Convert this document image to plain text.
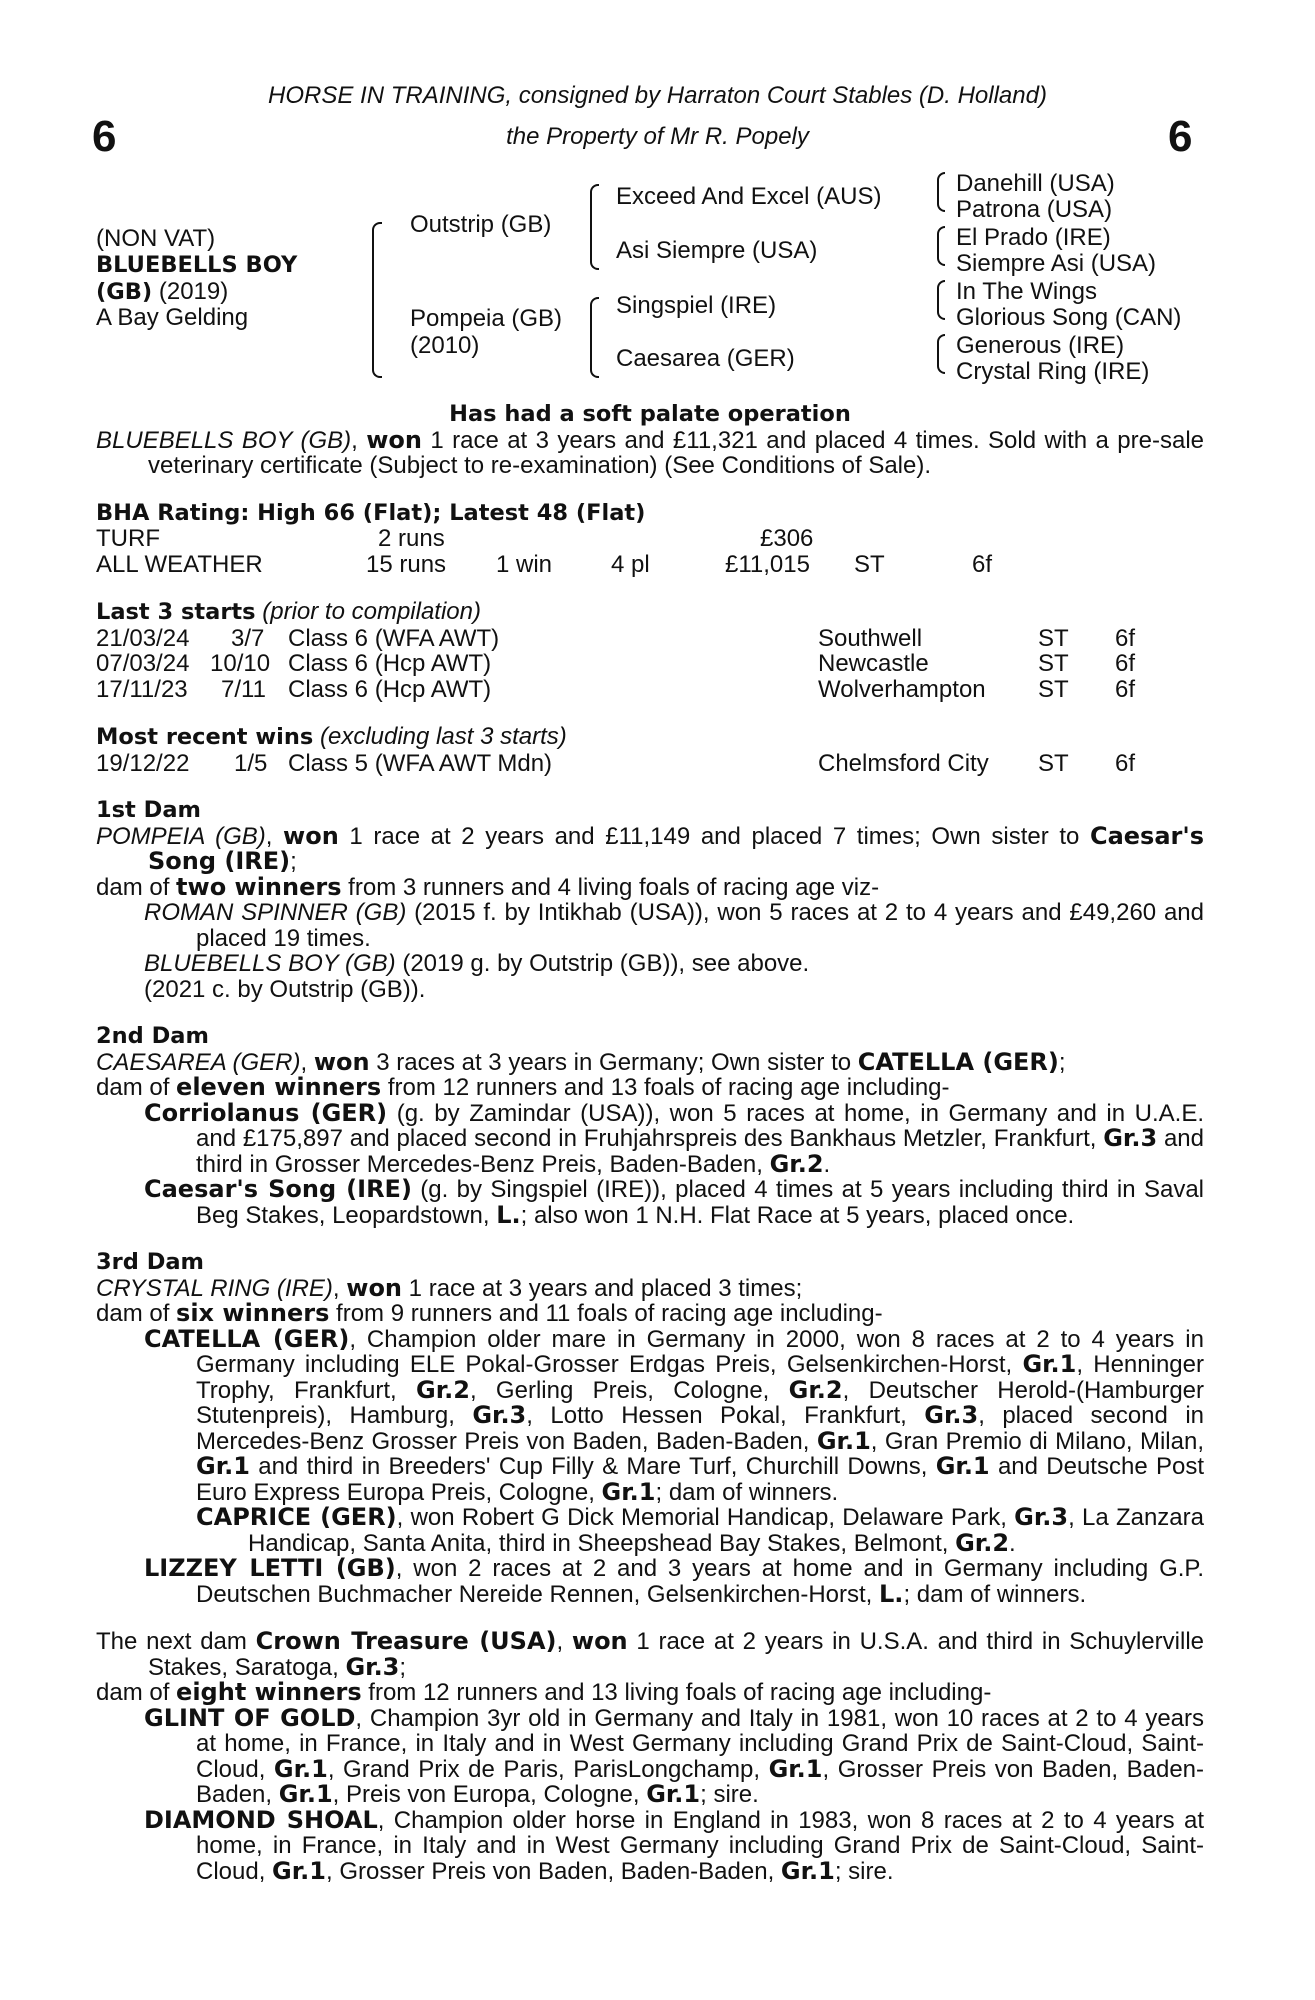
6	6
HORSE IN TRAINING, consigned by Harraton Court Stables (D. Holland)
the Property of Mr R. Popely
(NON VAT)
BLUEBELLS BOY
(GB) (2019)
A Bay Gelding
Outstrip (GB)
Pompeia (GB)
(2010)
Exceed And Excel (AUS)
Asi Siempre (USA)
Singspiel (IRE)
Caesarea (GER)
Danehill (USA)
Patrona (USA)
El Prado (IRE)
Siempre Asi (USA)
In The Wings
Glorious Song (CAN)
Generous (IRE)
Crystal Ring (IRE)

Has had a soft palate operation

BLUEBELLS BOY (GB), won 1 race at 3 years and £11,321 and placed 4 times. Sold with a pre-sale veterinary certificate (Subject to re-examination) (See Conditions of Sale).

BHA Rating: High 66 (Flat); Latest 48 (Flat)

TURF	2 runs	£306
ALL WEATHER	15 runs 1 win 4 pl	£11,015 ST	6f

Last 3 starts (prior to compilation)

21/03/24 3/7 Class 6 (WFA AWT)	Southwell	ST 6f
07/03/24 10/10 Class 6 (Hcp AWT)	Newcastle	ST 6f
17/11/23 7/11 Class 6 (Hcp AWT)	Wolverhampton ST 6f

Most recent wins (excluding last 3 starts)

19/12/22 1/5 Class 5 (WFA AWT Mdn)	Chelmsford City ST 6f

1st Dam

POMPEIA (GB), won 1 race at 2 years and £11,149 and placed 7 times; Own sister to Caesar's Song (IRE);

dam of two winners from 3 runners and 4 living foals of racing age viz-

ROMAN SPINNER (GB) (2015 f. by Intikhab (USA)), won 5 races at 2 to 4 years and £49,260 and placed 19 times.

BLUEBELLS BOY (GB) (2019 g. by Outstrip (GB)), see above.

(2021 c. by Outstrip (GB)).

2nd Dam

CAESAREA (GER), won 3 races at 3 years in Germany; Own sister to CATELLA (GER);

dam of eleven winners from 12 runners and 13 foals of racing age including-

Corriolanus (GER) (g. by Zamindar (USA)), won 5 races at home, in Germany and in U.A.E. and £175,897 and placed second in Fruhjahrspreis des Bankhaus Metzler, Frankfurt, Gr.3 and third in Grosser Mercedes-Benz Preis, Baden-Baden, Gr.2.

Caesar's Song (IRE) (g. by Singspiel (IRE)), placed 4 times at 5 years including third in Saval Beg Stakes, Leopardstown, L.; also won 1 N.H. Flat Race at 5 years, placed once.

3rd Dam

CRYSTAL RING (IRE), won 1 race at 3 years and placed 3 times;

dam of six winners from 9 runners and 11 foals of racing age including-

CATELLA (GER), Champion older mare in Germany in 2000, won 8 races at 2 to 4 years in Germany including ELE Pokal-Grosser Erdgas Preis, Gelsenkirchen-Horst, Gr.1, Henninger Trophy, Frankfurt, Gr.2, Gerling Preis, Cologne, Gr.2, Deutscher Herold-(Hamburger Stutenpreis), Hamburg, Gr.3, Lotto Hessen Pokal, Frankfurt, Gr.3, placed second in Mercedes-Benz Grosser Preis von Baden, Baden-Baden, Gr.1, Gran Premio di Milano, Milan, Gr.1 and third in Breeders' Cup Filly & Mare Turf, Churchill Downs, Gr.1 and Deutsche Post Euro Express Europa Preis, Cologne, Gr.1; dam of winners.

CAPRICE (GER), won Robert G Dick Memorial Handicap, Delaware Park, Gr.3, La Zanzara Handicap, Santa Anita, third in Sheepshead Bay Stakes, Belmont, Gr.2.

LIZZEY LETTI (GB), won 2 races at 2 and 3 years at home and in Germany including G.P. Deutschen Buchmacher Nereide Rennen, Gelsenkirchen-Horst, L.; dam of winners.

The next dam Crown Treasure (USA), won 1 race at 2 years in U.S.A. and third in Schuylerville Stakes, Saratoga, Gr.3;

dam of eight winners from 12 runners and 13 living foals of racing age including-

GLINT OF GOLD, Champion 3yr old in Germany and Italy in 1981, won 10 races at 2 to 4 years at home, in France, in Italy and in West Germany including Grand Prix de Saint-Cloud, Saint-Cloud, Gr.1, Grand Prix de Paris, ParisLongchamp, Gr.1, Grosser Preis von Baden, Baden-Baden, Gr.1, Preis von Europa, Cologne, Gr.1; sire.

DIAMOND SHOAL, Champion older horse in England in 1983, won 8 races at 2 to 4 years at home, in France, in Italy and in West Germany including Grand Prix de Saint-Cloud, Saint-Cloud, Gr.1, Grosser Preis von Baden, Baden-Baden, Gr.1; sire.
